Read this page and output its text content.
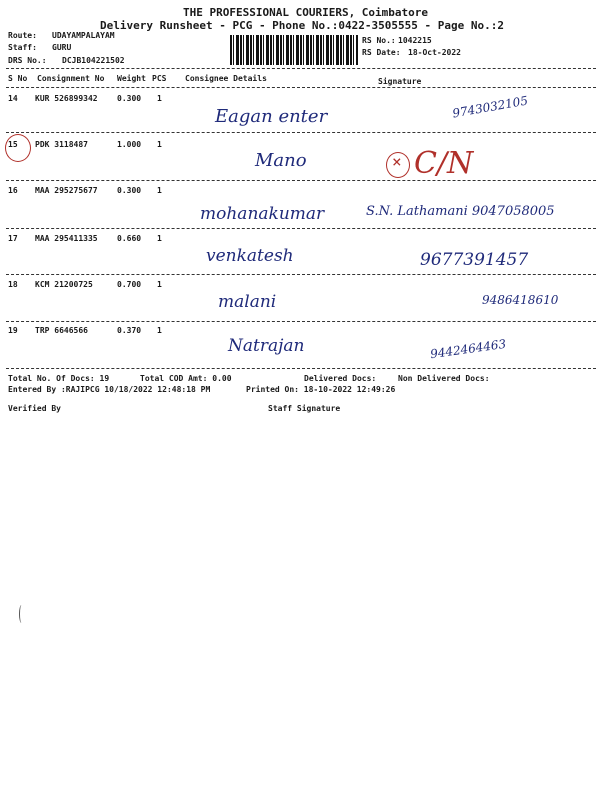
THE PROFESSIONAL COURIERS, Coimbatore
Delivery Runsheet - PCG - Phone No.:0422-3505555 - Page No.:2
Route: UDAYAMPALAYAM
Staff: GURU
DRS No.: DCJB104221502
RS No.: 1042215
RS Date: 18-Oct-2022
S No Consignment No Weight PCS Consignee Details	Signature
14 KUR 526899342 0.300 1
Eagan enter	9743032105
15 PDK 3118487	1.000 1
Mano	× C/N
16 MAA 295275677 0.300 1
mohanakumar	S.N. Lathamani 9047058005
17 MAA 295411335 0.660 1
venkatesh	9677391457
18 KCM 21200725	0.700 1
malani	9486418610
19 TRP 6646566	0.370 1
Natrajan	9442464463
Total No. Of Docs: 19	Total COD Amt: 0.00	Delivered Docs:	Non Delivered Docs:
Entered By :RAJIPCG 10/18/2022 12:48:18 PM	Printed On: 18-10-2022 12:49:26
Verified By	Staff Signature
